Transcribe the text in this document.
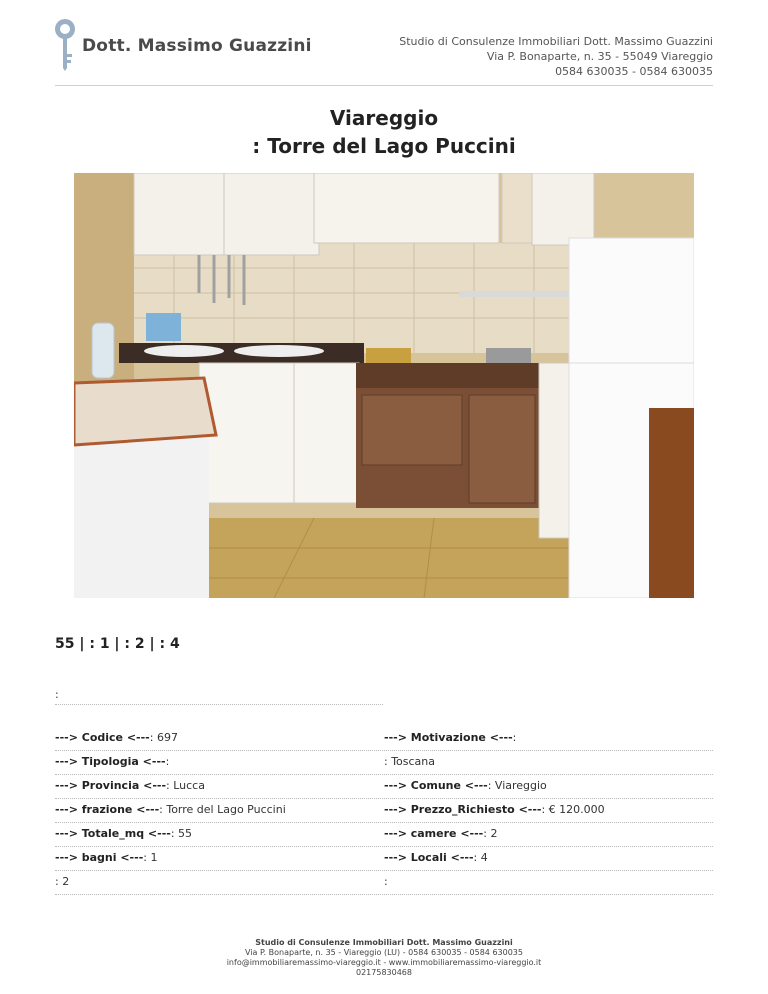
Dott. Massimo Guazzini	Studio di Consulenze Immobiliari Dott. Massimo Guazzini
Via P. Bonaparte, n. 35 - 55049 Viareggio
0584 630035 - 0584 630035
Viareggio
: Torre del Lago Puccini
55 | : 1 | : 2 | : 4
:
---> Codice <---: 697	---> Motivazione <---:
---> Tipologia <---:	: Toscana
---> Provincia <---: Lucca	---> Comune <---: Viareggio
---> frazione <---: Torre del Lago Puccini	---> Prezzo_Richiesto <---: € 120.000
---> Totale_mq <---: 55	---> camere <---: 2
---> bagni <---: 1	---> Locali <---: 4
: 2	:
Studio di Consulenze Immobiliari Dott. Massimo Guazzini
Via P. Bonaparte, n. 35 - Viareggio (LU) - 0584 630035 - 0584 630035
info@immobiliaremassimo-viareggio.it - www.immobiliaremassimo-viareggio.it
02175830468
